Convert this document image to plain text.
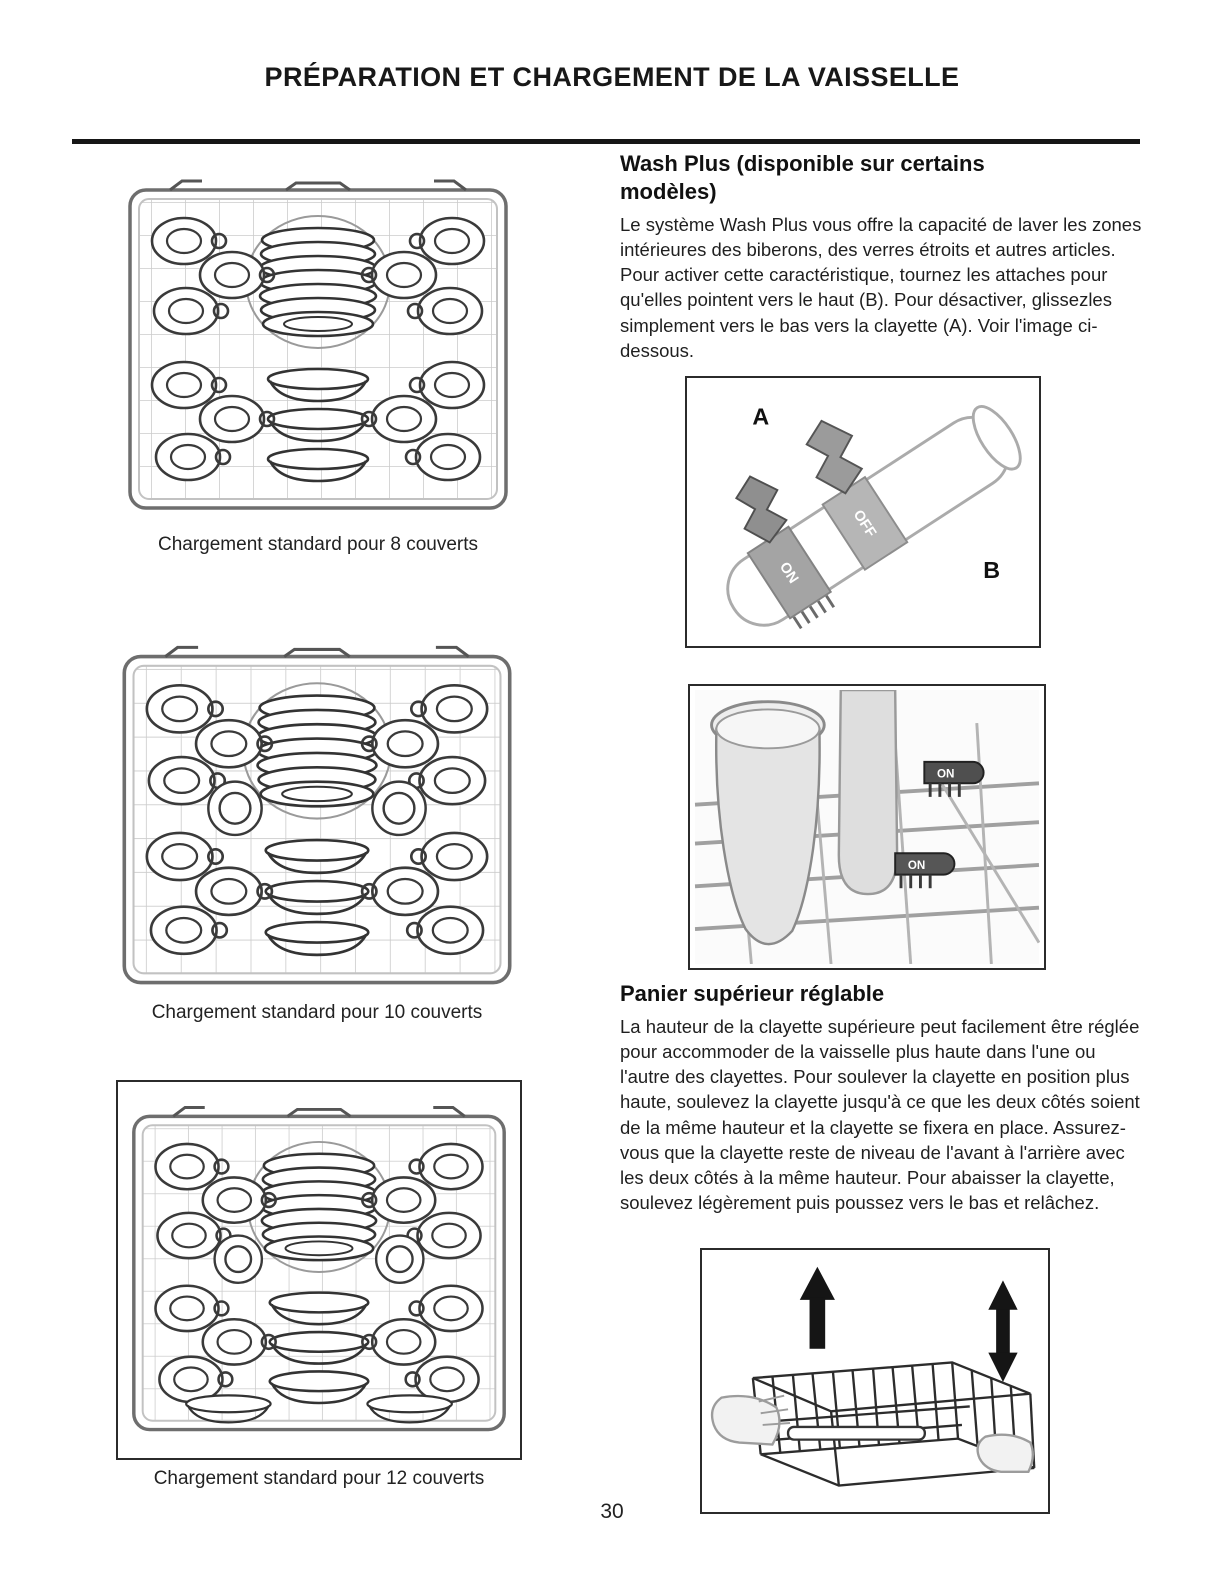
PRÉPARATION ET CHARGEMENT DE LA VAISSELLE
Chargement standard pour 8 couverts
Chargement standard pour 10 couverts
Chargement standard pour 12 couverts
Wash Plus (disponible sur certains modèles)
Le système Wash Plus vous offre la capacité de laver les zones intérieures des biberons, des verres étroits et autres articles. Pour activer cette caractéristique, tournez les attaches pour qu'elles pointent vers le haut (B). Pour désactiver, glissezles simplement vers le bas vers la clayette (A). Voir l'image ci-dessous.
OFF
ON
A
B
ON
ON
Panier supérieur réglable
La hauteur de la clayette supérieure peut facilement être réglée pour accommoder de la vaisselle plus haute dans l'une ou l'autre des clayettes. Pour soulever la clayette en position plus haute, soulevez la clayette jusqu'à ce que les deux côtés soient de la même hauteur et la clayette se fixera en place. Assurez-vous que la clayette reste de niveau de l'avant à l'arrière avec les deux côtés à la même hauteur. Pour abaisser la clayette, soulevez légèrement puis poussez vers le bas et relâchez.
30
